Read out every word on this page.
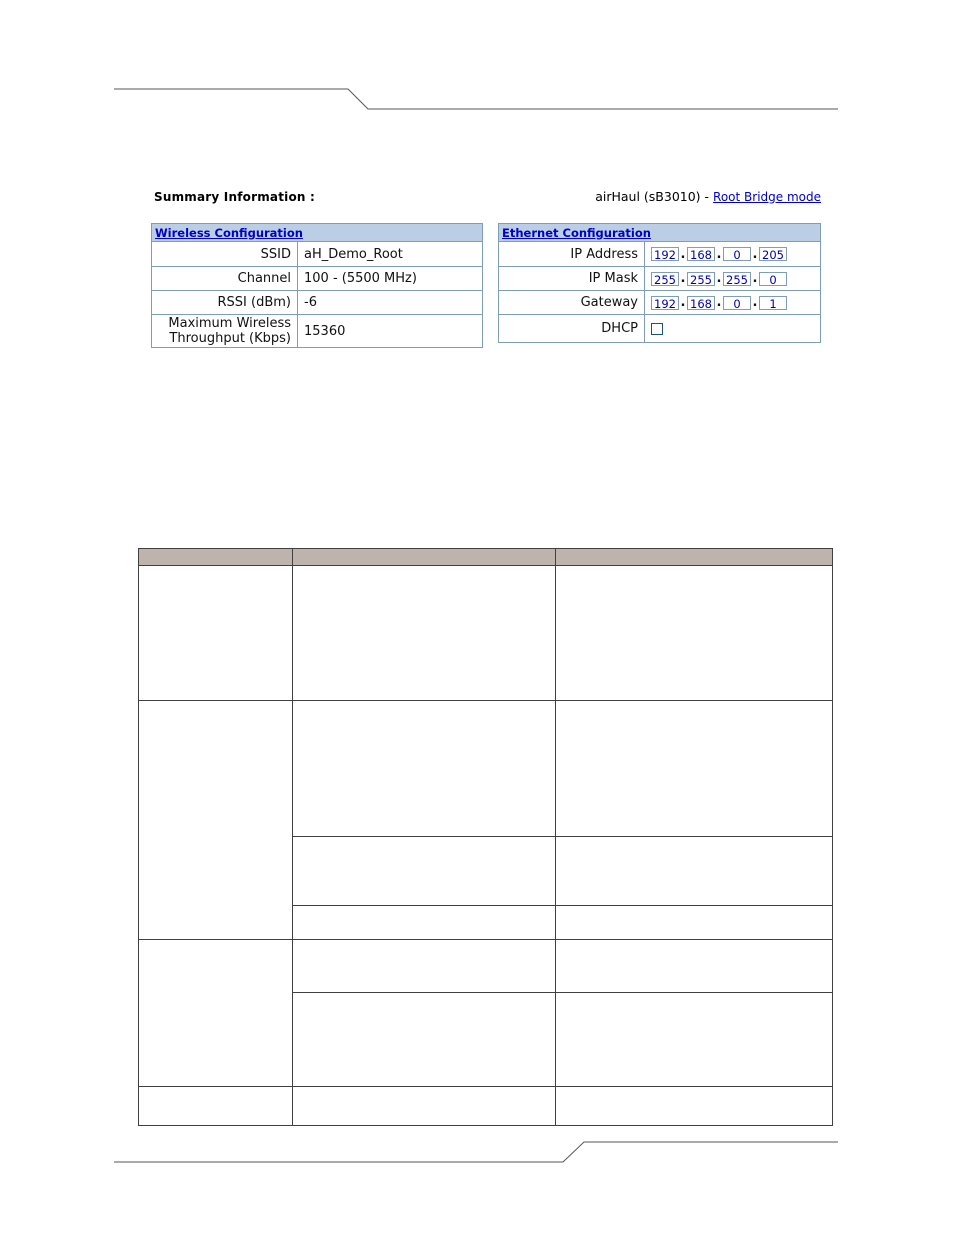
Summary Information :	airHaul (sB3010) - Root Bridge mode
Wireless Configuration	
SSID	aH_Demo_Root
Channel	100 - (5500 MHz)
RSSI (dBm)	-6
Maximum Wireless Throughput (Kbps)	15360
Ethernet Configuration	
IP Address	192 . 168 . 0 . 205
IP Mask	255 . 255 . 255 . 0
Gateway	192 . 168 . 0 . 1
DHCP	
